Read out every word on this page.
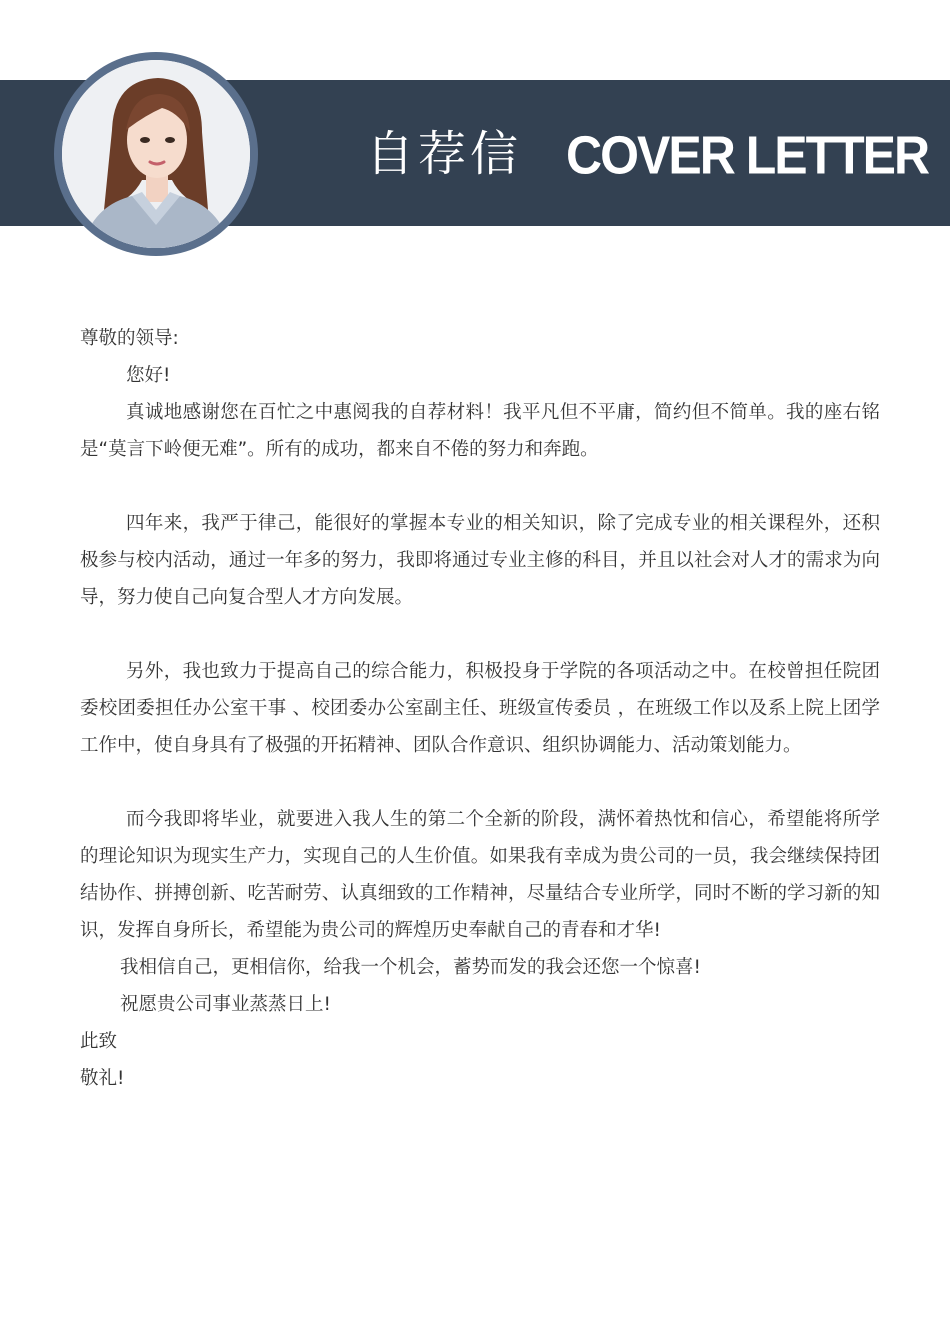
自荐信 COVER LETTER

尊敬的领导:

您好!

真诚地感谢您在百忙之中惠阅我的自荐材料！我平凡但不平庸，简约但不简单。我的座右铭是“莫言下岭便无难”。所有的成功，都来自不倦的努力和奔跑。

四年来，我严于律己，能很好的掌握本专业的相关知识，除了完成专业的相关课程外，还积极参与校内活动，通过一年多的努力，我即将通过专业主修的科目，并且以社会对人才的需求为向导，努力使自己向复合型人才方向发展。

另外，我也致力于提高自己的综合能力，积极投身于学院的各项活动之中。在校曾担任院团委校团委担任办公室干事 、校团委办公室副主任、班级宣传委员 ，在班级工作以及系上院上团学工作中，使自身具有了极强的开拓精神、团队合作意识、组织协调能力、活动策划能力。

而今我即将毕业，就要进入我人生的第二个全新的阶段，满怀着热忱和信心，希望能将所学的理论知识为现实生产力，实现自己的人生价值。如果我有幸成为贵公司的一员，我会继续保持团结协作、拼搏创新、吃苦耐劳、认真细致的工作精神，尽量结合专业所学，同时不断的学习新的知识，发挥自身所长，希望能为贵公司的辉煌历史奉献自己的青春和才华!

我相信自己，更相信你，给我一个机会，蓄势而发的我会还您一个惊喜!

祝愿贵公司事业蒸蒸日上!

此致

敬礼!
